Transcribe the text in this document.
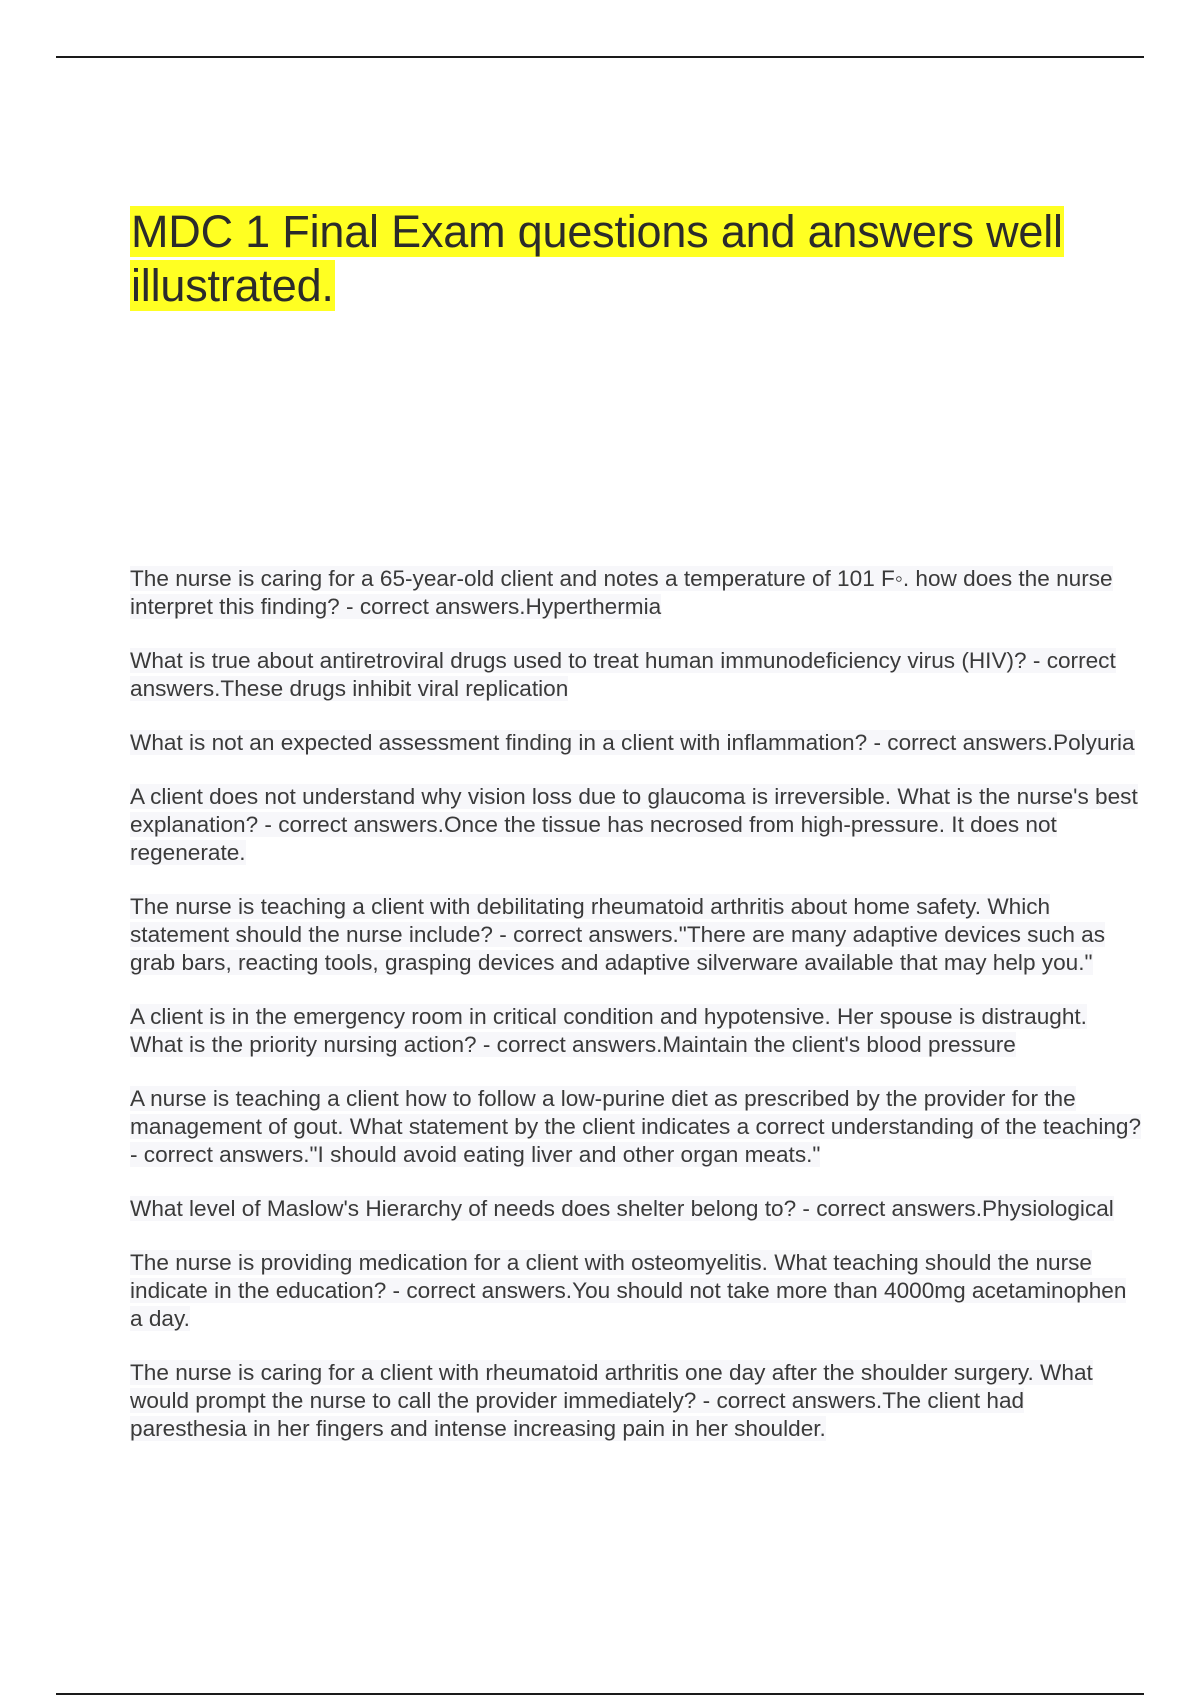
MDC 1 Final Exam questions and answers well illustrated.

The nurse is caring for a 65-year-old client and notes a temperature of 101 F◦. how does the nurse interpret this finding? - correct answers.Hyperthermia

What is true about antiretroviral drugs used to treat human immunodeficiency virus (HIV)? - correct answers.These drugs inhibit viral replication

What is not an expected assessment finding in a client with inflammation? - correct answers.Polyuria

A client does not understand why vision loss due to glaucoma is irreversible. What is the nurse's best explanation? - correct answers.Once the tissue has necrosed from high-pressure. It does not regenerate.

The nurse is teaching a client with debilitating rheumatoid arthritis about home safety. Which statement should the nurse include? - correct answers."There are many adaptive devices such as grab bars, reacting tools, grasping devices and adaptive silverware available that may help you."

A client is in the emergency room in critical condition and hypotensive. Her spouse is distraught. What is the priority nursing action? - correct answers.Maintain the client's blood pressure

A nurse is teaching a client how to follow a low-purine diet as prescribed by the provider for the management of gout. What statement by the client indicates a correct understanding of the teaching? - correct answers."I should avoid eating liver and other organ meats."

What level of Maslow's Hierarchy of needs does shelter belong to? - correct answers.Physiological

The nurse is providing medication for a client with osteomyelitis. What teaching should the nurse indicate in the education? - correct answers.You should not take more than 4000mg acetaminophen a day.

The nurse is caring for a client with rheumatoid arthritis one day after the shoulder surgery. What would prompt the nurse to call the provider immediately? - correct answers.The client had paresthesia in her fingers and intense increasing pain in her shoulder.
